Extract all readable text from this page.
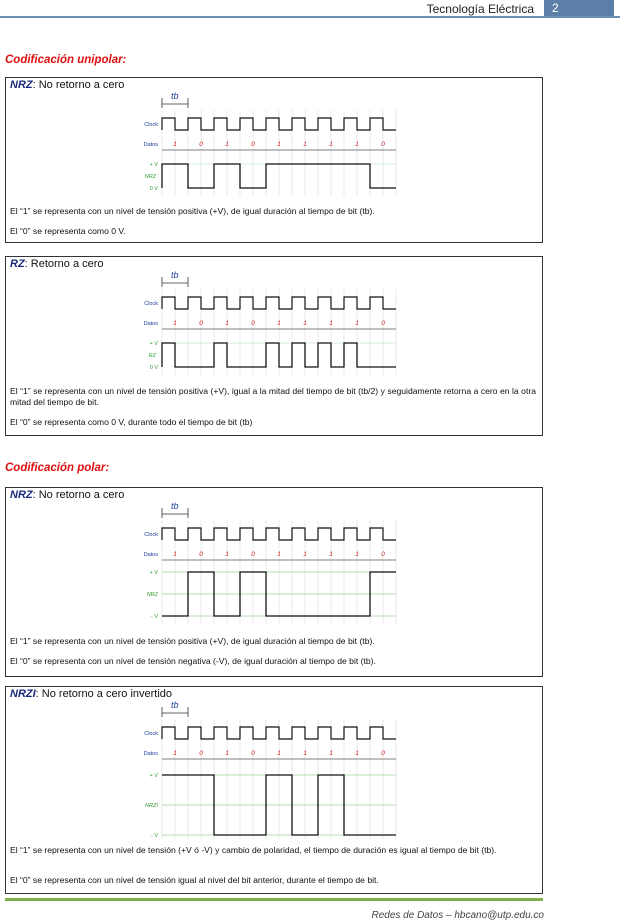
Tecnología Eléctrica	2
Codificación unipolar:
NRZ: No retorno a cero
tb
Clock
Datos 1	0	1	0	1	1	1	1	0
+ V
0 V
NRZ
El “1” se representa con un nivel de tensión positiva (+V), de igual duración al tiempo de bit (tb).
El “0” se representa como 0 V.
RZ: Retorno a cero
tb
Clock
Datos 1	0	1	0	1	1	1	1	0
+ V
0 V
RZ
El “1” se representa con un nivel de tensión positiva (+V), igual a la mitad del tiempo de bit (tb/2) y seguidamente retorna a cero en la otra mitad del tiempo de bit.
El “0” se representa como 0 V, durante todo el tiempo de bit (tb)
Codificación polar:
NRZ: No retorno a cero
tb
Clock
Datos 1	0	1	0	1	1	1	1	0
+ V
- V
NRZ
El “1” se representa con un nivel de tensión positiva (+V), de igual duración al tiempo de bit (tb).
El “0” se representa con un nivel de tensión negativa (-V), de igual duración al tiempo de bit (tb).
NRZI: No retorno a cero invertido
tb
Clock
Datos 1	0	1	0	1	1	1	1	0
+ V
- V
NRZI
El “1” se representa con un nivel de tensión (+V ó -V) y cambio de polaridad, el tiempo de duración es igual al tiempo de bit (tb).
El “0” se representa con un nivel de tensión igual al nivel del bit anterior, durante el tiempo de bit.
Redes de Datos – hbcano@utp.edu.co
